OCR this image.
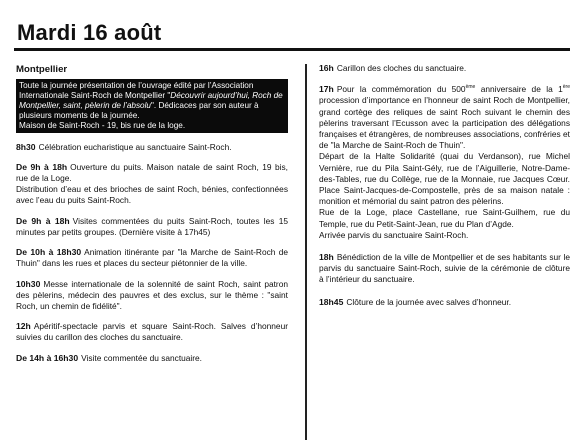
Mardi 16 août
Montpellier

Toute la journée présentation de l’ouvrage édité par l’Association Internationale Saint-Roch de Montpellier "Découvrir aujourd’hui, Roch de Montpellier, saint, pèlerin de l’absolu". Dédicaces par son auteur à plusieurs moments de la journée.

Maison de Saint-Roch - 19, bis rue de la loge.

8h30 Célébration eucharistique au sanctuaire Saint-Roch.

De 9h à 18h Ouverture du puits. Maison natale de saint Roch, 19 bis, rue de la Loge.
Distribution d’eau et des brioches de saint Roch, bénies, confectionnées avec l’eau du puits Saint-Roch.

De 9h à 18h Visites commentées du puits Saint-Roch, toutes les 15 minutes par petits groupes. (Dernière visite à 17h45)

De 10h à 18h30 Animation itinérante par "la Marche de Saint-Roch de Thuin" dans les rues et places du secteur piétonnier de la ville.

10h30 Messe internationale de la solennité de saint Roch, saint patron des pèlerins, médecin des pauvres et des exclus, sur le thème : "saint Roch, un chemin de fidélité".

12h Apéritif-spectacle parvis et square Saint-Roch. Salves d’honneur suivies du carillon des cloches du sanctuaire.

De 14h à 16h30 Visite commentée du sanctuaire.

16h Carillon des cloches du sanctuaire.

17h Pour la commémoration du 500ème anniversaire de la 1ère procession d’importance en l’honneur de saint Roch de Montpellier, grand cortège des reliques de saint Roch suivant le chemin des pèlerins traversant l’Ecusson avec la participation des délégations françaises et étrangères, de nombreuses associations, confréries et de "la Marche de Saint-Roch de Thuin".
Départ de la Halte Solidarité (quai du Verdanson), rue Michel Vernière, rue du Pila Saint-Gély, rue de l’Aiguillerie, Notre-Dame-des-Tables, rue du Collège, rue de la Monnaie, rue Jacques Cœur. Place Saint-Jacques-de-Compostelle, près de sa maison natale : monition et mémorial du saint patron des pèlerins.
Rue de la Loge, place Castellane, rue Saint-Guilhem, rue du Temple, rue du Petit-Saint-Jean, rue du Plan d’Agde.
Arrivée parvis du sanctuaire Saint-Roch.

18h Bénédiction de la ville de Montpellier et de ses habitants sur le parvis du sanctuaire Saint-Roch, suivie de la cérémonie de clôture à l’intérieur du sanctuaire.

18h45 Clôture de la journée avec salves d’honneur.
